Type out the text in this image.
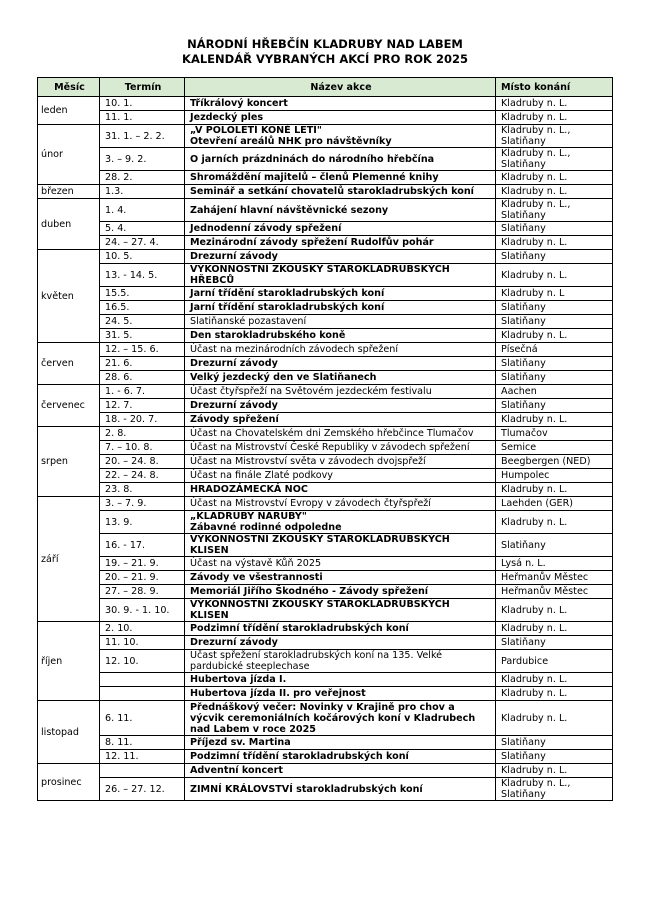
NÁRODNÍ HŘEBČÍN KLADRUBY NAD LABEM
KALENDÁŘ VYBRANÝCH AKCÍ PRO ROK 2025
Měsíc	Termín	Název akce	Místo konání
leden	10. 1.	Tříkrálový koncert	Kladruby n. L.
	11. 1.	Jezdecký ples	Kladruby n. L.
únor	31. 1. – 2. 2.	„V POLOLETÍ KONĚ LETÍ"
Otevření areálů NHK pro návštěvníky	Kladruby n. L.,
Slatiňany
	3. – 9. 2.	O jarních prázdninách do národního hřebčína	Kladruby n. L.,
Slatiňany
	28. 2.	Shromáždění majitelů – členů Plemenné knihy	Kladruby n. L.
březen	1.3.	Seminář a setkání chovatelů starokladrubských koní	Kladruby n. L.
duben	1. 4.	Zahájení hlavní návštěvnické sezony	Kladruby n. L.,
Slatiňany
	5. 4.	Jednodenní závody spřežení	Slatiňany
	24. – 27. 4.	Mezinárodní závody spřežení Rudolfův pohár	Kladruby n. L.
květen	10. 5.	Drezurní závody	Slatiňany
	13. - 14. 5.	VÝKONNOSTNÍ ZKOUŠKY STAROKLADRUBSKÝCH
HŘEBCŮ	Kladruby n. L.
	15.5.	Jarní třídění starokladrubských koní	Kladruby n. L
	16.5.	Jarní třídění starokladrubských koní	Slatiňany
	24. 5.	Slatiňanské pozastavení	Slatiňany
	31. 5.	Den starokladrubského koně	Kladruby n. L.
červen	12. – 15. 6.	Účast na mezinárodních závodech spřežení	Písečná
	21. 6.	Drezurní závody	Slatiňany
	28. 6.	Velký jezdecký den ve Slatiňanech	Slatiňany
červenec	1. - 6. 7.	Účast čtyřspřeží na Světovém jezdeckém festivalu	Aachen
	12. 7.	Drezurní závody	Slatiňany
	18. - 20. 7.	Závody spřežení	Kladruby n. L.
srpen	2. 8.	Účast na Chovatelském dni Zemského hřebčince Tlumačov	Tlumačov
	7. – 10. 8.	Účast na Mistrovství České Republiky v závodech spřežení	Semice
	20. – 24. 8.	Účast na Mistrovství světa v závodech dvojspřeží	Beegbergen (NED)
	22. – 24. 8.	Účast na finále Zlaté podkovy	Humpolec
	23. 8.	HRADOZÁMECKÁ NOC	Kladruby n. L.
září	3. – 7. 9.	Účast na Mistrovství Evropy v závodech čtyřspřeží	Laehden (GER)
	13. 9.	„KLADRUBY NARUBY"
Zábavné rodinné odpoledne	Kladruby n. L.
	16. - 17.	VÝKONNOSTNÍ ZKOUŠKY STAROKLADRUBSKÝCH
KLISEN	Slatiňany
	19. – 21. 9.	Účast na výstavě Kůň 2025	Lysá n. L.
	20. – 21. 9.	Závody ve všestrannosti	Heřmanův Městec
	27. – 28. 9.	Memoriál Jiřího Škodného - Závody spřežení	Heřmanův Městec
	30. 9. - 1. 10.	VÝKONNOSTNÍ ZKOUŠKY STAROKLADRUBSKÝCH
KLISEN	Kladruby n. L.
říjen	2. 10.	Podzimní třídění starokladrubských koní	Kladruby n. L.
	11. 10.	Drezurní závody	Slatiňany
	12. 10.	Účast spřežení starokladrubských koní na 135. Velké
pardubické steeplechase	Pardubice
		Hubertova jízda I.	Kladruby n. L.
		Hubertova jízda II. pro veřejnost	Kladruby n. L.
listopad	6. 11.	Přednáškový večer: Novinky v Krajině pro chov a
výcvik ceremoniálních kočárových koní v Kladrubech
nad Labem v roce 2025	Kladruby n. L.
	8. 11.	Příjezd sv. Martina	Slatiňany
	12. 11.	Podzimní třídění starokladrubských koní	Slatiňany
prosinec		Adventní koncert	Kladruby n. L.
	26. – 27. 12.	ZIMNÍ KRÁLOVSTVÍ starokladrubských koní	Kladruby n. L.,
Slatiňany
